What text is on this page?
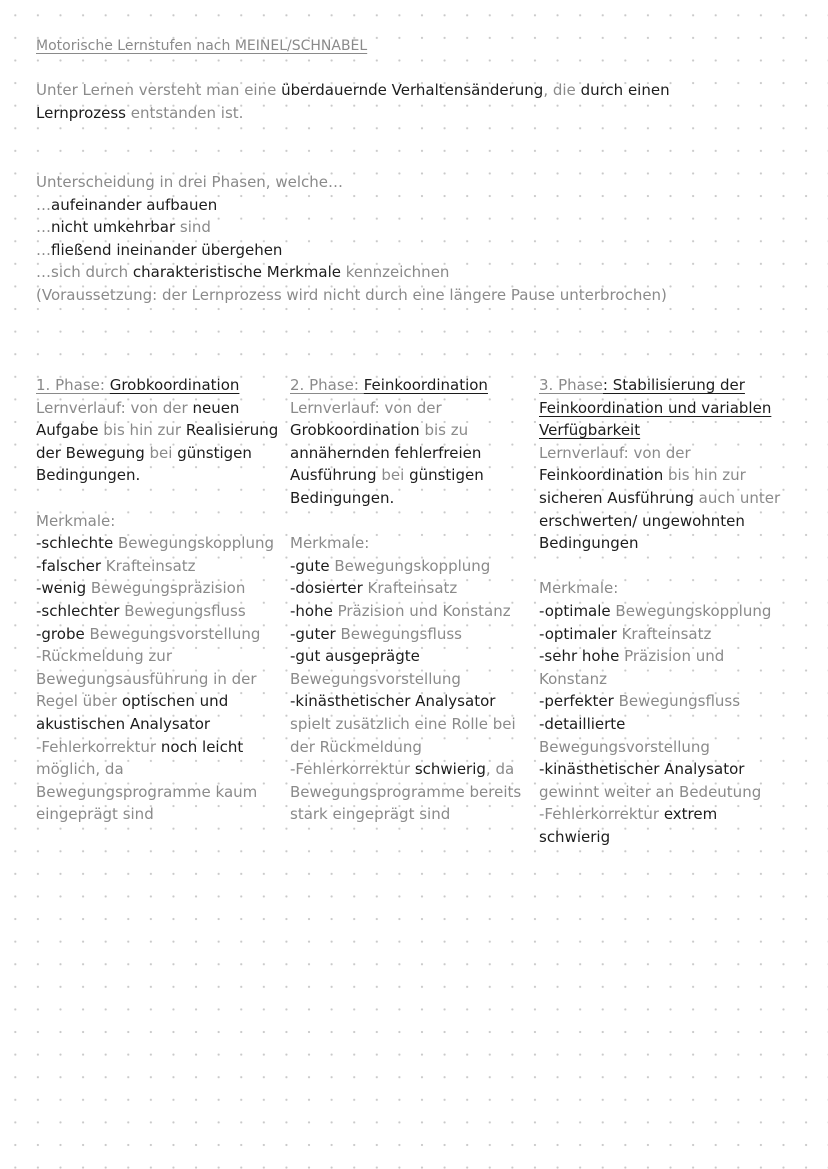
Motorische Lernstufen nach MEINEL/SCHNABEL
Unter Lernen versteht man eine überdauernde Verhaltensänderung, die durch einen Lernprozess entstanden ist.
Unterscheidung in drei Phasen, welche…
…aufeinander aufbauen
…nicht umkehrbar sind
…fließend ineinander übergehen
…sich durch charakteristische Merkmale kennzeichnen
(Voraussetzung: der Lernprozess wird nicht durch eine längere Pause unterbrochen)

1. Phase: Grobkoordination

Lernverlauf: von der neuen Aufgabe bis hin zur Realisierung der Bewegung bei günstigen Bedingungen.

Merkmale:

-schlechte Bewegungskopplung

-falscher Krafteinsatz

-wenig Bewegungspräzision

-schlechter Bewegungsfluss

-grobe Bewegungsvorstellung

-Rückmeldung zur Bewegungsausführung in der Regel über optischen und akustischen Analysator

-Fehlerkorrektur noch leicht möglich, da Bewegungsprogramme kaum eingeprägt sind

2. Phase: Feinkoordination

Lernverlauf: von der Grobkoordination bis zu annähernden fehlerfreien Ausführung bei günstigen Bedingungen.

Merkmale:

-gute Bewegungskopplung

-dosierter Krafteinsatz

-hohe Präzision und Konstanz

-guter Bewegungsfluss

-gut ausgeprägte Bewegungsvorstellung

-kinästhetischer Analysator spielt zusätzlich eine Rolle bei der Rückmeldung

-Fehlerkorrektur schwierig, da Bewegungsprogramme bereits stark eingeprägt sind

3. Phase: Stabilisierung der Feinkoordination und variablen Verfügbarkeit

Lernverlauf: von der Feinkoordination bis hin zur sicheren Ausführung auch unter erschwerten/ ungewohnten Bedingungen

Merkmale:

-optimale Bewegungskopplung

-optimaler Krafteinsatz

-sehr hohe Präzision und Konstanz

-perfekter Bewegungsfluss

-detaillierte Bewegungsvorstellung

-kinästhetischer Analysator gewinnt weiter an Bedeutung

-Fehlerkorrektur extrem schwierig
